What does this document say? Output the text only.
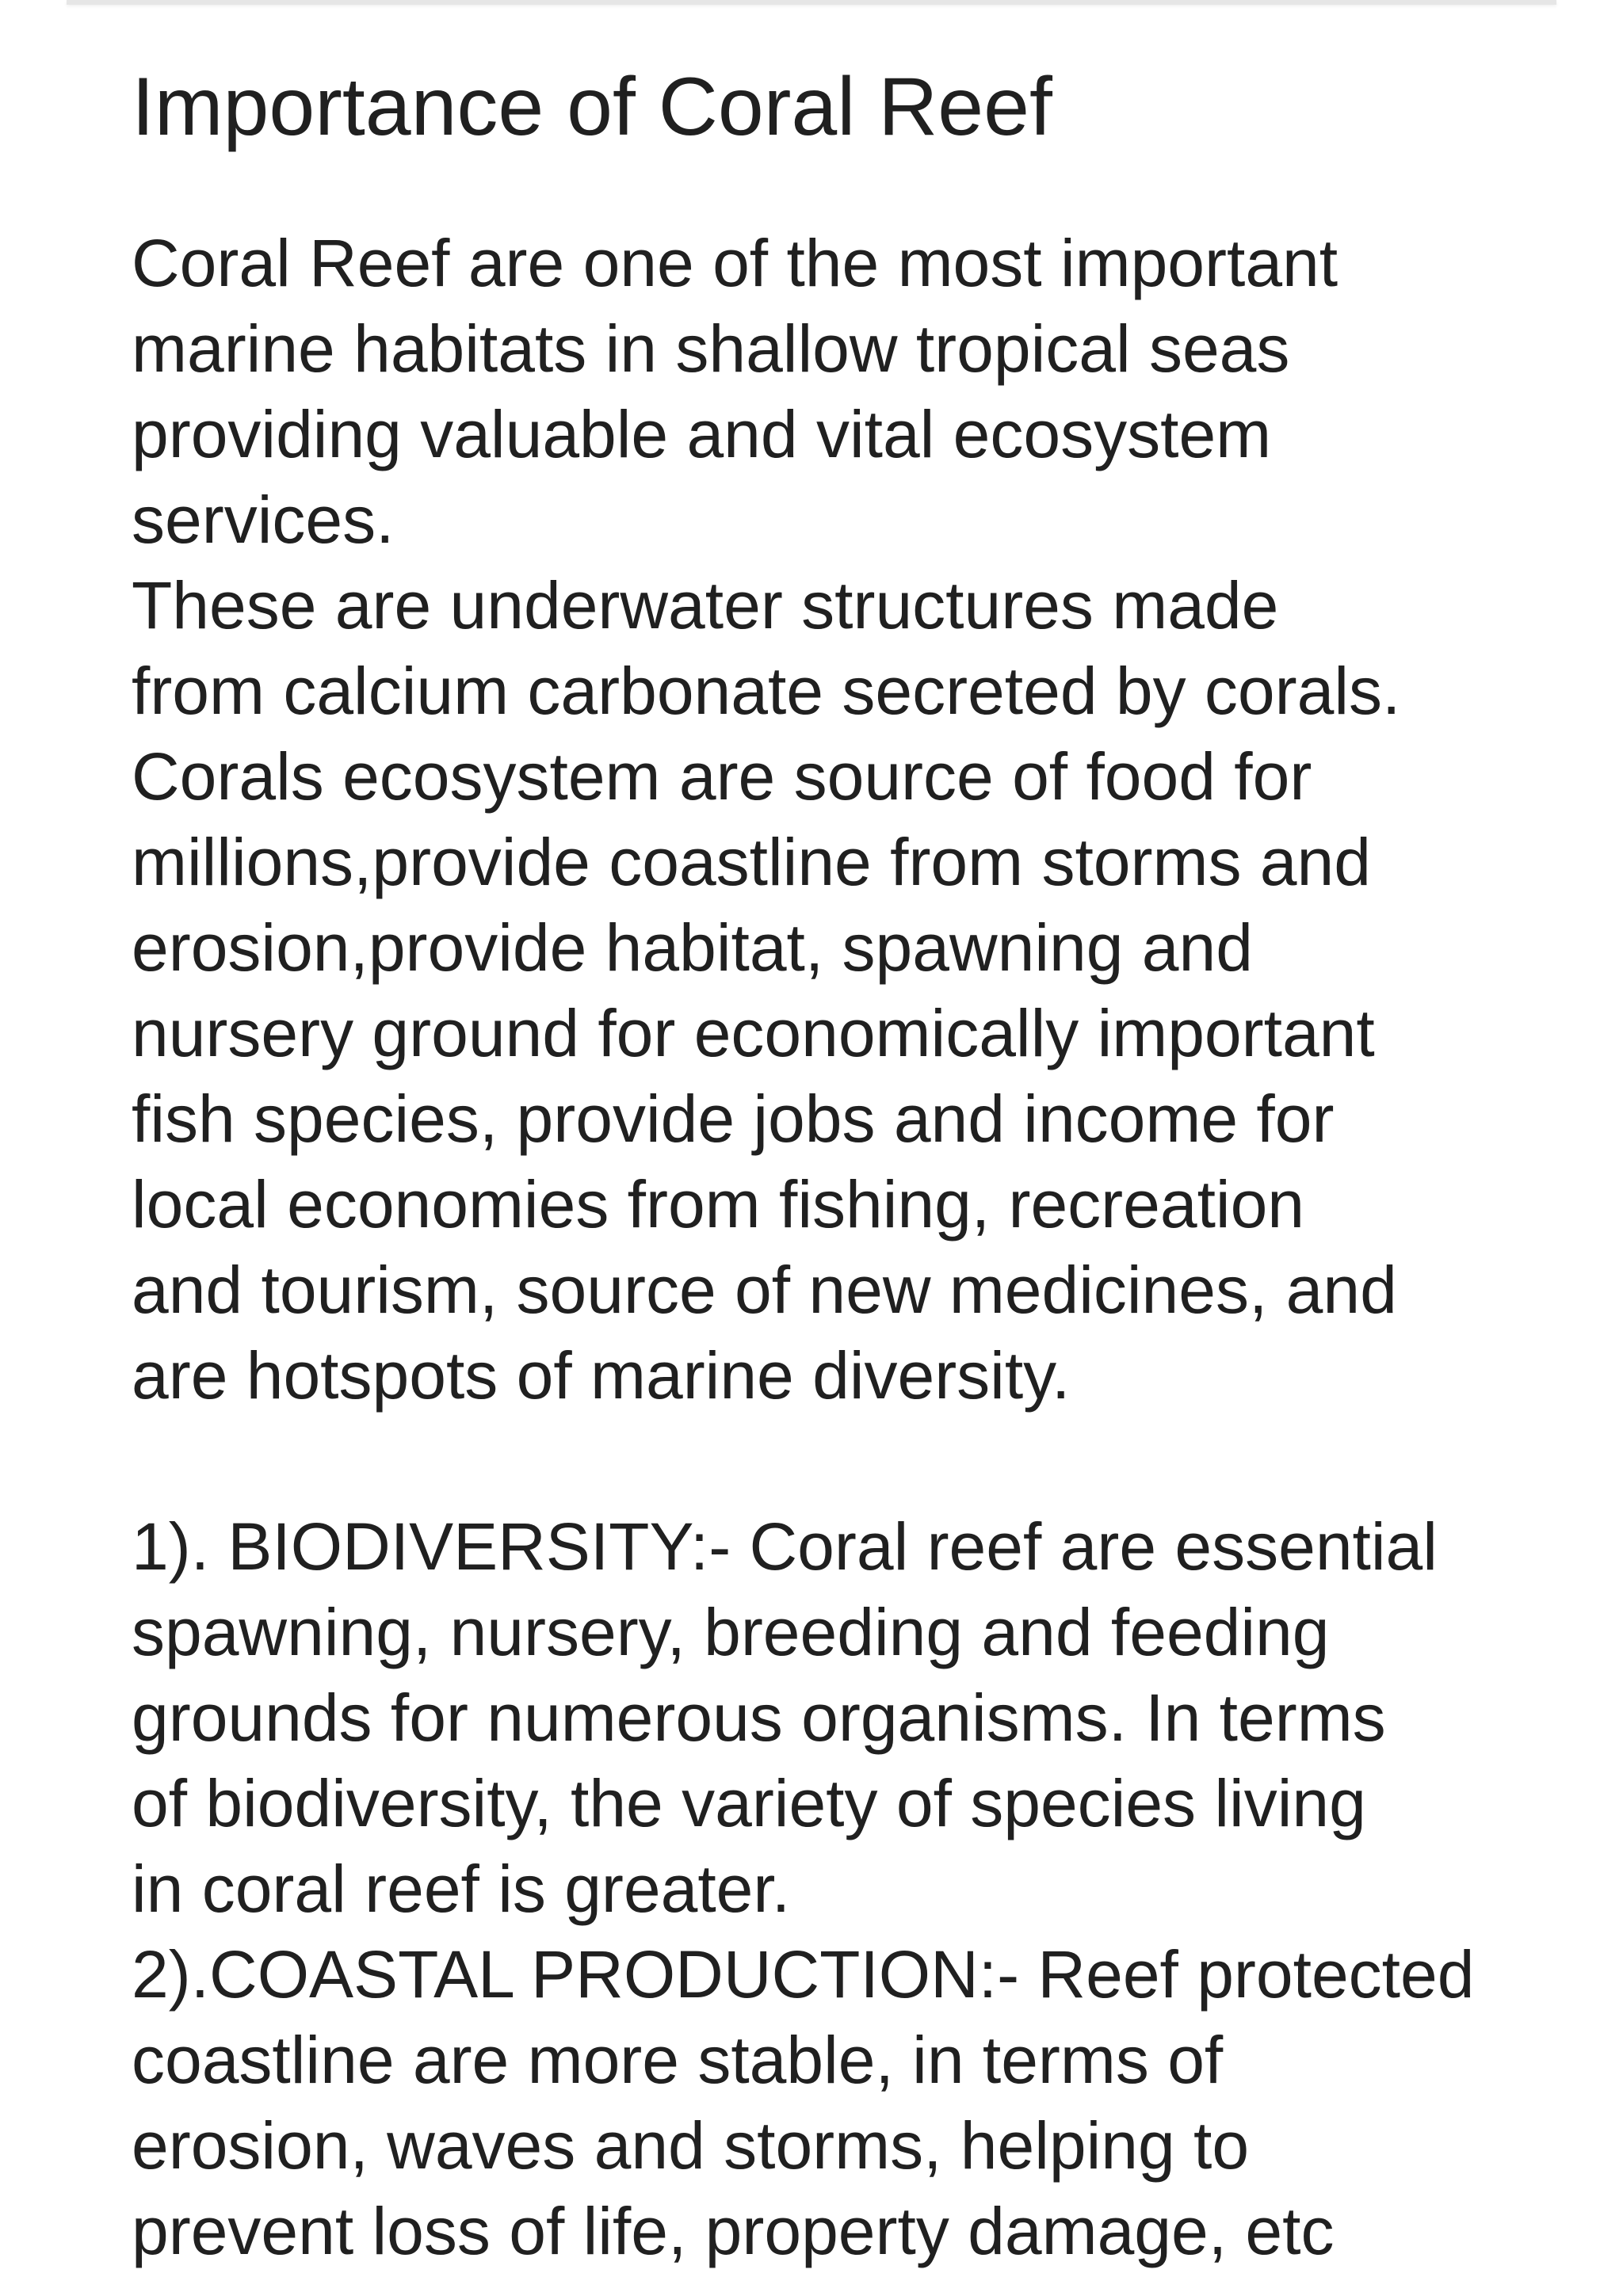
Importance of Coral Reef
Coral Reef are one of the most important
marine habitats in shallow tropical seas
providing valuable and vital ecosystem
services.
These are underwater structures made
from calcium carbonate secreted by corals.
Corals ecosystem are source of food for
millions,provide coastline from storms and
erosion,provide habitat, spawning and
nursery ground for economically important
fish species, provide jobs and income for
local economies from fishing, recreation
and tourism, source of new medicines, and
are hotspots of marine diversity.
1). BIODIVERSITY:- Coral reef are essential
spawning, nursery, breeding and feeding
grounds for numerous organisms. In terms
of biodiversity, the variety of species living
in coral reef is greater.
2).COASTAL PRODUCTION:- Reef protected
coastline are more stable, in terms of
erosion, waves and storms, helping to
prevent loss of life, property damage, etc
